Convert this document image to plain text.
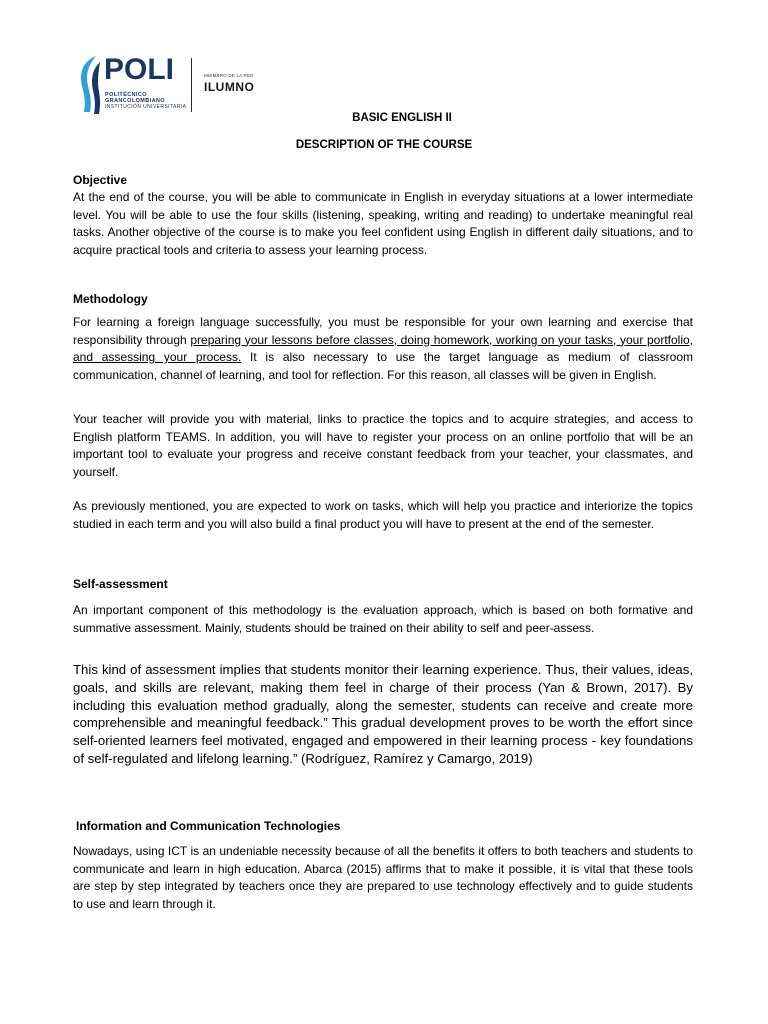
POLI
POLITÉCNICO
GRANCOLOMBIANO
INSTITUCIÓN UNIVERSITARIA
MIEMBRO DE LA RED
ILUMNO
BASIC ENGLISH II
DESCRIPTION OF THE COURSE
Objective
At the end of the course, you will be able to communicate in English in everyday situations at a lower intermediate level. You will be able to use the four skills (listening, speaking, writing and reading) to undertake meaningful real tasks. Another objective of the course is to make you feel confident using English in different daily situations, and to acquire practical tools and criteria to assess your learning process.
Methodology
For learning a foreign language successfully, you must be responsible for your own learning and exercise that responsibility through preparing your lessons before classes, doing homework, working on your tasks, your portfolio, and assessing your process. It is also necessary to use the target language as medium of classroom communication, channel of learning, and tool for reflection. For this reason, all classes will be given in English.
Your teacher will provide you with material, links to practice the topics and to acquire strategies, and access to English platform TEAMS. In addition, you will have to register your process on an online portfolio that will be an important tool to evaluate your progress and receive constant feedback from your teacher, your classmates, and yourself.
As previously mentioned, you are expected to work on tasks, which will help you practice and interiorize the topics studied in each term and you will also build a final product you will have to present at the end of the semester.
Self-assessment
An important component of this methodology is the evaluation approach, which is based on both formative and summative assessment. Mainly, students should be trained on their ability to self and peer-assess.
This kind of assessment implies that students monitor their learning experience. Thus, their values, ideas, goals, and skills are relevant, making them feel in charge of their process (Yan & Brown, 2017). By including this evaluation method gradually, along the semester, students can receive and create more comprehensible and meaningful feedback.” This gradual development proves to be worth the effort since self-oriented learners feel motivated, engaged and empowered in their learning process - key foundations of self-regulated and lifelong learning.” (Rodríguez, Ramírez y Camargo, 2019)
Information and Communication Technologies
Nowadays, using ICT is an undeniable necessity because of all the benefits it offers to both teachers and students to communicate and learn in high education. Abarca (2015) affirms that to make it possible, it is vital that these tools are step by step integrated by teachers once they are prepared to use technology effectively and to guide students to use and learn through it.
